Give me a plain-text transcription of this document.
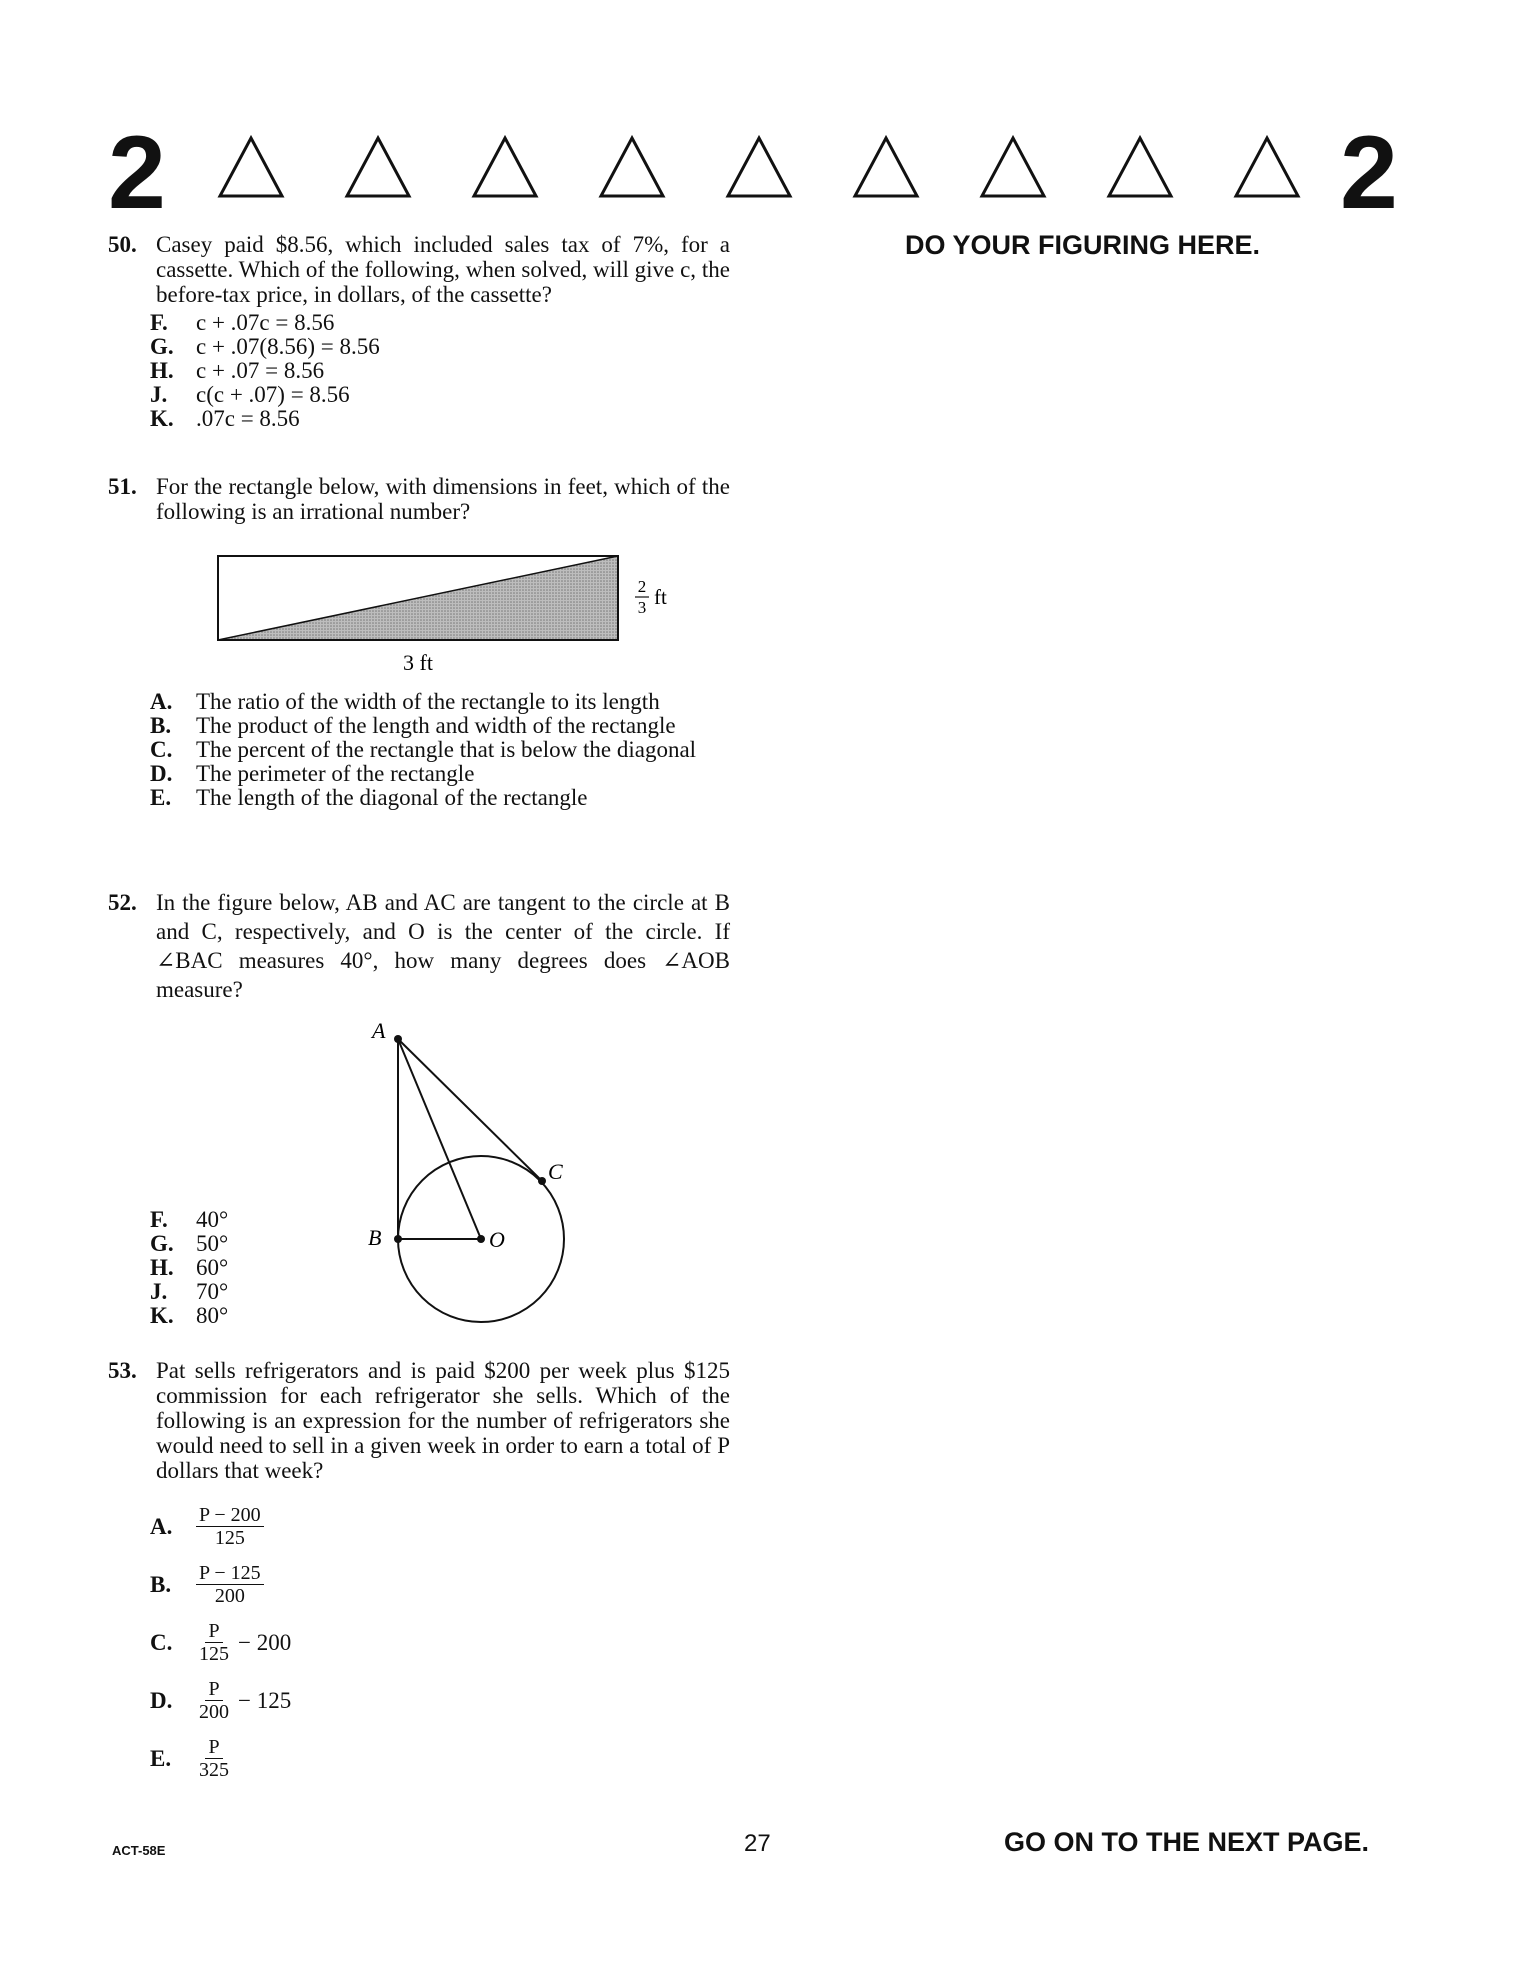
2	2
DO YOUR FIGURING HERE.
50. Casey paid $8.56, which included sales tax of 7%, for a cassette. Which of the following, when solved, will give c, the before-tax price, in dollars, of the cassette?
F.	c + .07c = 8.56
G. c + .07(8.56) = 8.56
H. c + .07 = 8.56
J.	c(c + .07) = 8.56
K. .07c = 8.56
51. For the rectangle below, with dimensions in feet, which of the following is an irrational number?
3 ft
2
3 ft
A.	The ratio of the width of the rectangle to its length
B.	The product of the length and width of the rectangle
C.	The percent of the rectangle that is below the diagonal
D.	The perimeter of the rectangle
E.	The length of the diagonal of the rectangle
52. In the figure below, AB and AC are tangent to the circle at B and C, respectively, and O is the center of the circle. If ∠BAC measures 40°, how many degrees does ∠AOB measure?
A
B
C
O
F.	40°
G. 50°
H. 60°
J.	70°
K. 80°
53. Pat sells refrigerators and is paid $200 per week plus $125 commission for each refrigerator she sells. Which of the following is an expression for the number of refrigerators she would need to sell in a given week in order to earn a total of P dollars that week?
A.	$\frac{P - 200}{125}$
B.	$\frac{P - 125}{200}$
C.	$\frac{P}{125} - 200$
D.	$\frac{P}{200} - 125$
E.	$\frac{P}{325}$
ACT-58E	27	GO ON TO THE NEXT PAGE.
